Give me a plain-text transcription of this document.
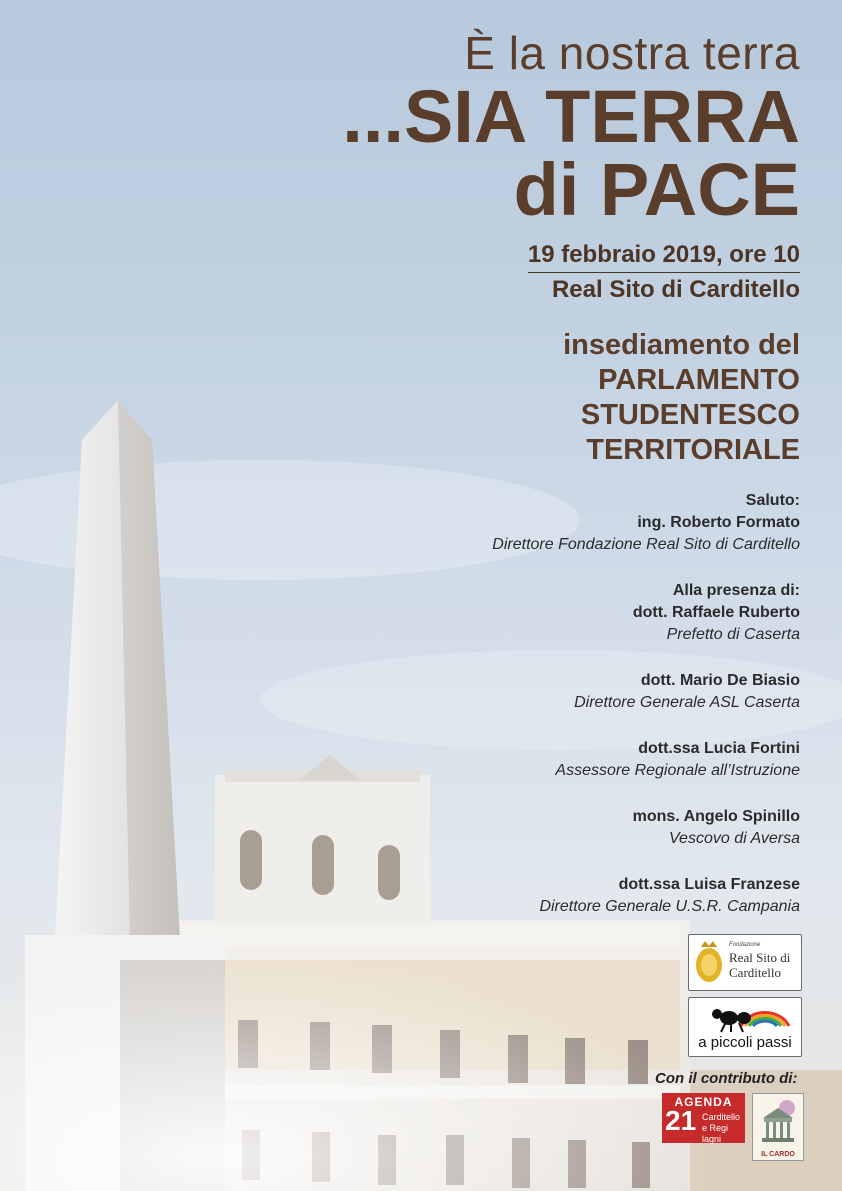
È la nostra terra
...SIA TERRA
di PACE
19 febbraio 2019, ore 10
Real Sito di Carditello
insediamento del
PARLAMENTO
STUDENTESCO
TERRITORIALE
Saluto:
ing. Roberto Formato
Direttore Fondazione Real Sito di Carditello
Alla presenza di:
dott. Raffaele Ruberto
Prefetto di Caserta
dott. Mario De Biasio
Direttore Generale ASL Caserta
dott.ssa Lucia Fortini
Assessore Regionale all’Istruzione
mons. Angelo Spinillo
Vescovo di Aversa
dott.ssa Luisa Franzese
Direttore Generale U.S.R. Campania
Fondazione
Real Sito di Carditello
a piccoli passi
Con il contributo di:
AGENDA
21 Carditello e Regi lagni
IL CARDO
